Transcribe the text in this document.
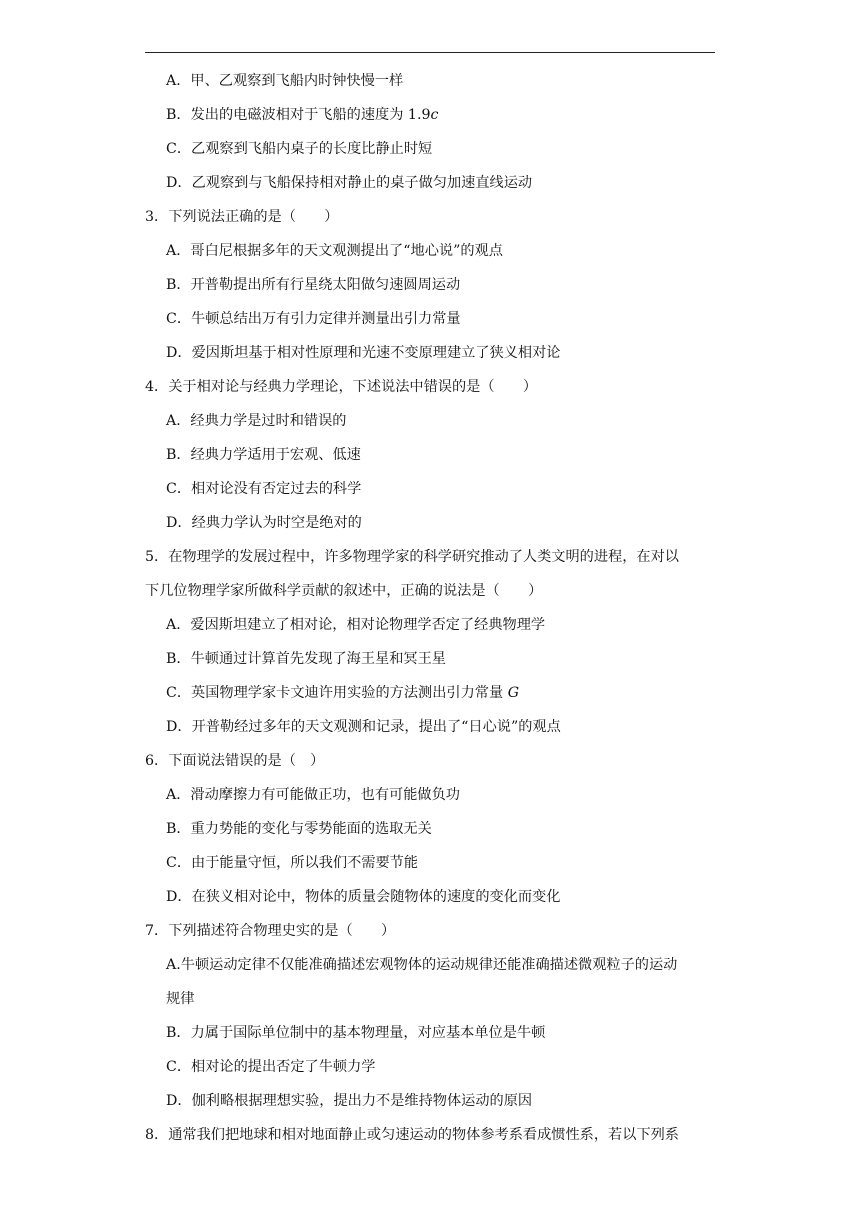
A．甲、乙观察到飞船内时钟快慢一样
B．发出的电磁波相对于飞船的速度为 1.9c
C．乙观察到飞船内桌子的长度比静止时短
D．乙观察到与飞船保持相对静止的桌子做匀加速直线运动
3．下列说法正确的是（　　）
A．哥白尼根据多年的天文观测提出了“地心说”的观点
B．开普勒提出所有行星绕太阳做匀速圆周运动
C．牛顿总结出万有引力定律并测量出引力常量
D．爱因斯坦基于相对性原理和光速不变原理建立了狭义相对论
4．关于相对论与经典力学理论，下述说法中错误的是（　　）
A．经典力学是过时和错误的
B．经典力学适用于宏观、低速
C．相对论没有否定过去的科学
D．经典力学认为时空是绝对的
5．在物理学的发展过程中，许多物理学家的科学研究推动了人类文明的进程，在对以
下几位物理学家所做科学贡献的叙述中，正确的说法是（　　）
A．爱因斯坦建立了相对论，相对论物理学否定了经典物理学
B．牛顿通过计算首先发现了海王星和冥王星
C．英国物理学家卡文迪许用实验的方法测出引力常量 G
D．开普勒经过多年的天文观测和记录，提出了“日心说”的观点
6．下面说法错误的是（　）
A．滑动摩擦力有可能做正功，也有可能做负功
B．重力势能的变化与零势能面的选取无关
C．由于能量守恒，所以我们不需要节能
D．在狭义相对论中，物体的质量会随物体的速度的变化而变化
7．下列描述符合物理史实的是（　　）
A.牛顿运动定律不仅能准确描述宏观物体的运动规律还能准确描述微观粒子的运动
规律
B．力属于国际单位制中的基本物理量，对应基本单位是牛顿
C．相对论的提出否定了牛顿力学
D．伽利略根据理想实验，提出力不是维持物体运动的原因
8．通常我们把地球和相对地面静止或匀速运动的物体参考系看成惯性系，若以下列系
